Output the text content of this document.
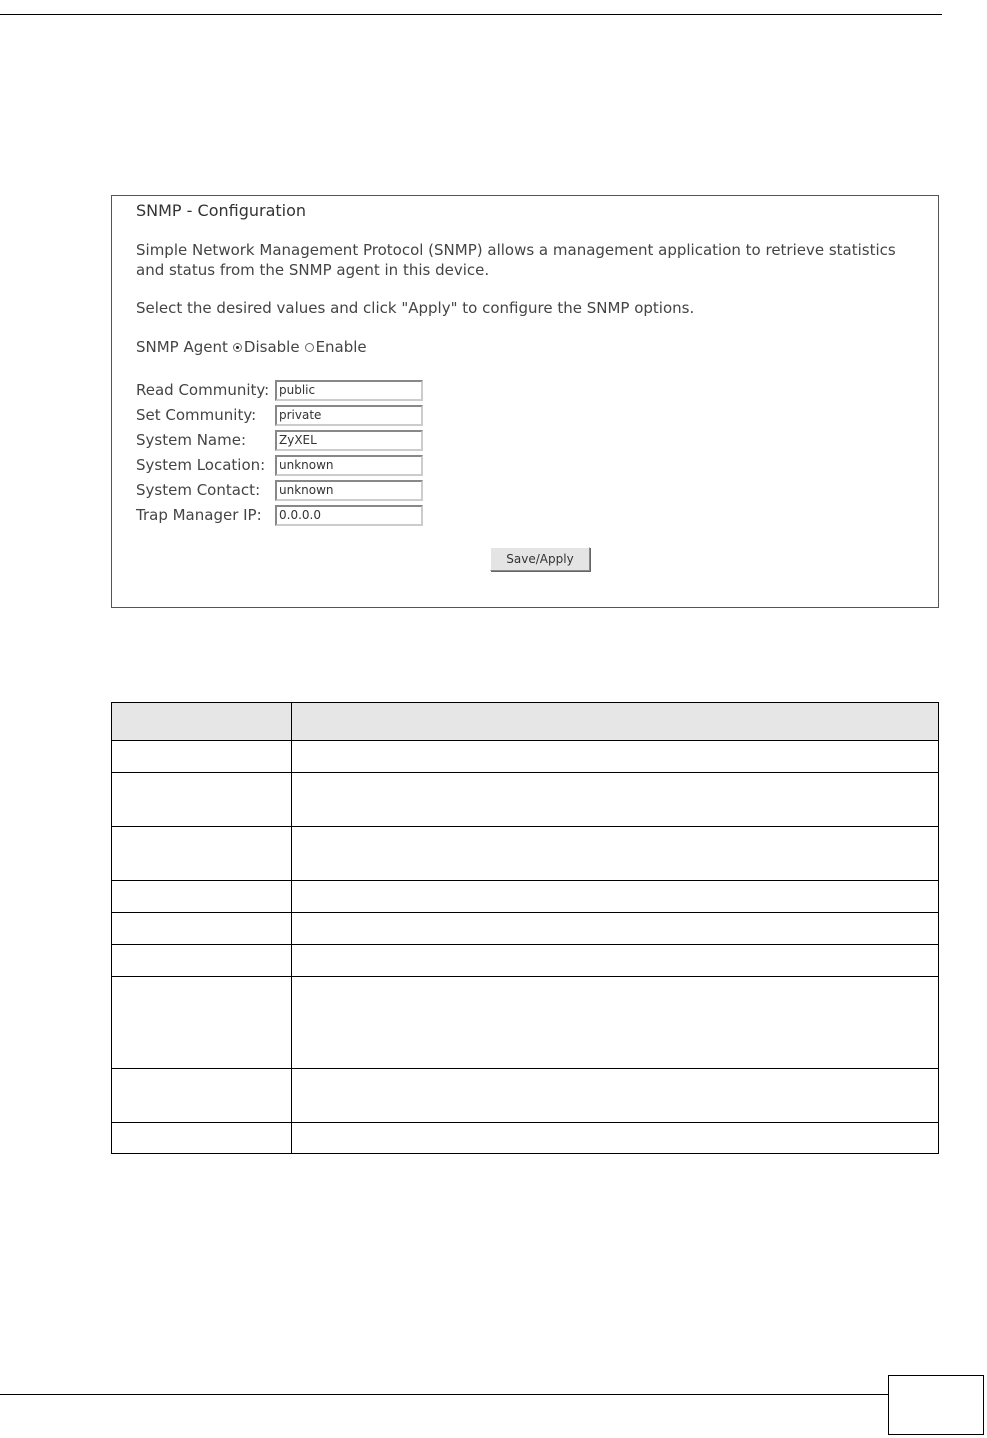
SNMP - Configuration
Simple Network Management Protocol (SNMP) allows a management application to retrieve statistics and status from the SNMP agent in this device.
Select the desired values and click "Apply" to configure the SNMP options.
SNMP Agent Disable Enable
Read Community:
public
Set Community:
private
System Name:
ZyXEL
System Location:
unknown
System Contact:
unknown
Trap Manager IP:
0.0.0.0
Save/Apply
